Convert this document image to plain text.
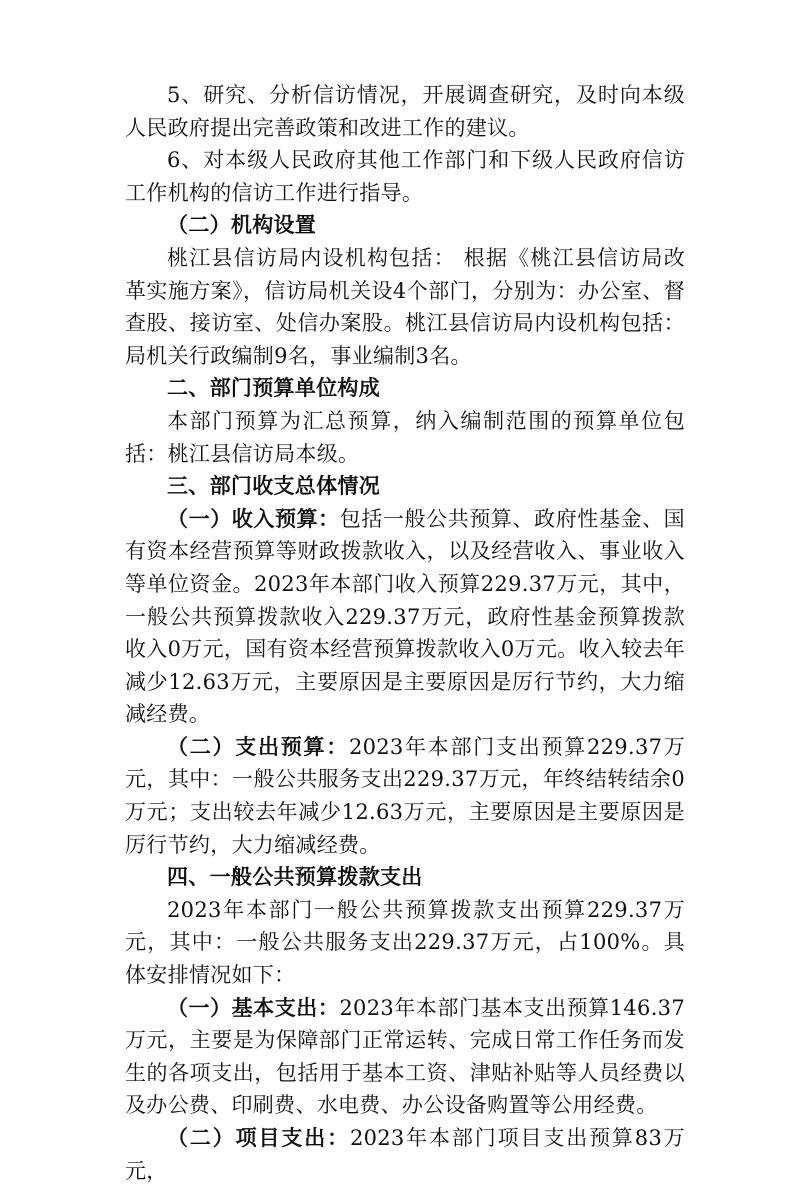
5、研究、分析信访情况，开展调查研究，及时向本级人民政府提出完善政策和改进工作的建议。

6、对本级人民政府其他工作部门和下级人民政府信访工作机构的信访工作进行指导。

（二）机构设置

桃江县信访局内设机构包括： 根据《桃江县信访局改革实施方案》，信访局机关设4个部门，分别为：办公室、督查股、接访室、处信办案股。桃江县信访局内设机构包括：局机关行政编制9名，事业编制3名。

二、部门预算单位构成

本部门预算为汇总预算，纳入编制范围的预算单位包括：桃江县信访局本级。

三、部门收支总体情况

（一）收入预算：包括一般公共预算、政府性基金、国有资本经营预算等财政拨款收入，以及经营收入、事业收入等单位资金。2023年本部门收入预算229.37万元，其中，一般公共预算拨款收入229.37万元，政府性基金预算拨款收入0万元，国有资本经营预算拨款收入0万元。收入较去年减少12.63万元，主要原因是主要原因是厉行节约，大力缩减经费。

（二）支出预算：2023年本部门支出预算229.37万元，其中：一般公共服务支出229.37万元，年终结转结余0万元；支出较去年减少12.63万元，主要原因是主要原因是厉行节约，大力缩减经费。

四、一般公共预算拨款支出

2023年本部门一般公共预算拨款支出预算229.37万元，其中：一般公共服务支出229.37万元，占100%。具体安排情况如下：

（一）基本支出：2023年本部门基本支出预算146.37万元，主要是为保障部门正常运转、完成日常工作任务而发生的各项支出，包括用于基本工资、津贴补贴等人员经费以及办公费、印刷费、水电费、办公设备购置等公用经费。

（二）项目支出：2023年本部门项目支出预算83万元，
